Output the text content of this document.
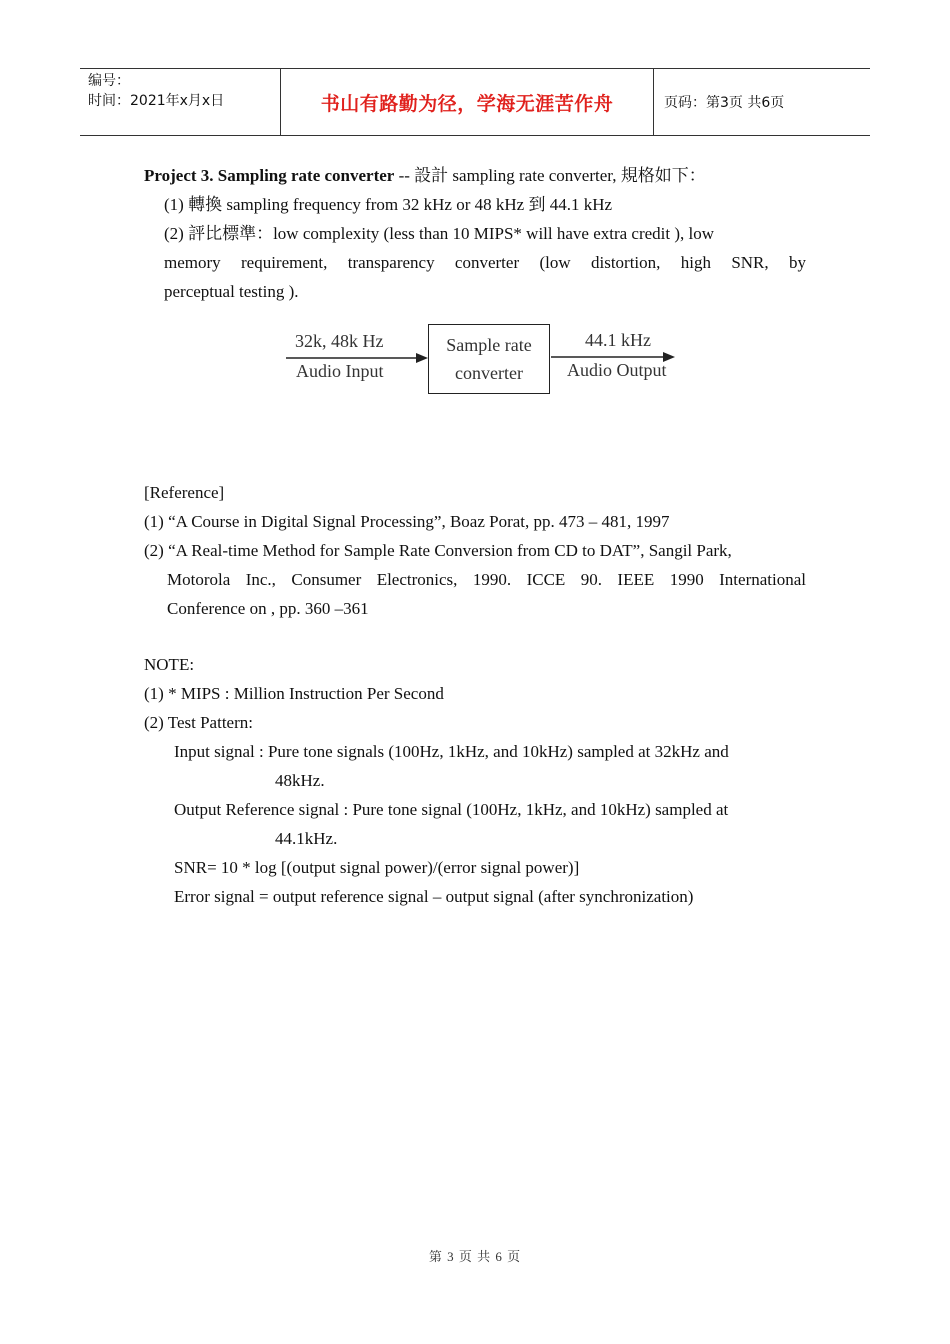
编号：
时间：2021年x月x日	书山有路勤为径，学海无涯苦作舟	页码：第3页 共6页
Project 3. Sampling rate converter -- 設計 sampling rate converter, 規格如下：
(1) 轉換 sampling frequency from 32 kHz or 48 kHz 到 44.1 kHz
(2) 評比標準：low complexity (less than 10 MIPS* will have extra credit ), low
memory requirement, transparency converter (low distortion, high SNR, by
perceptual testing ).
32k, 48k Hz
Audio Input
Sample rate
converter
44.1 kHz
Audio Output
[Reference]
(1) “A Course in Digital Signal Processing”, Boaz Porat, pp. 473 – 481, 1997
(2) “A Real-time Method for Sample Rate Conversion from CD to DAT”, Sangil Park,
Motorola Inc., Consumer Electronics, 1990. ICCE 90. IEEE 1990 International
Conference on , pp. 360 –361
NOTE:
(1) * MIPS : Million Instruction Per Second
(2) Test Pattern:
Input signal : Pure tone signals (100Hz, 1kHz, and 10kHz) sampled at 32kHz and
48kHz.
Output Reference signal : Pure tone signal (100Hz, 1kHz, and 10kHz) sampled at
44.1kHz.
SNR= 10 * log [(output signal power)/(error signal power)]
Error signal = output reference signal – output signal (after synchronization)
第 3 页 共 6 页
